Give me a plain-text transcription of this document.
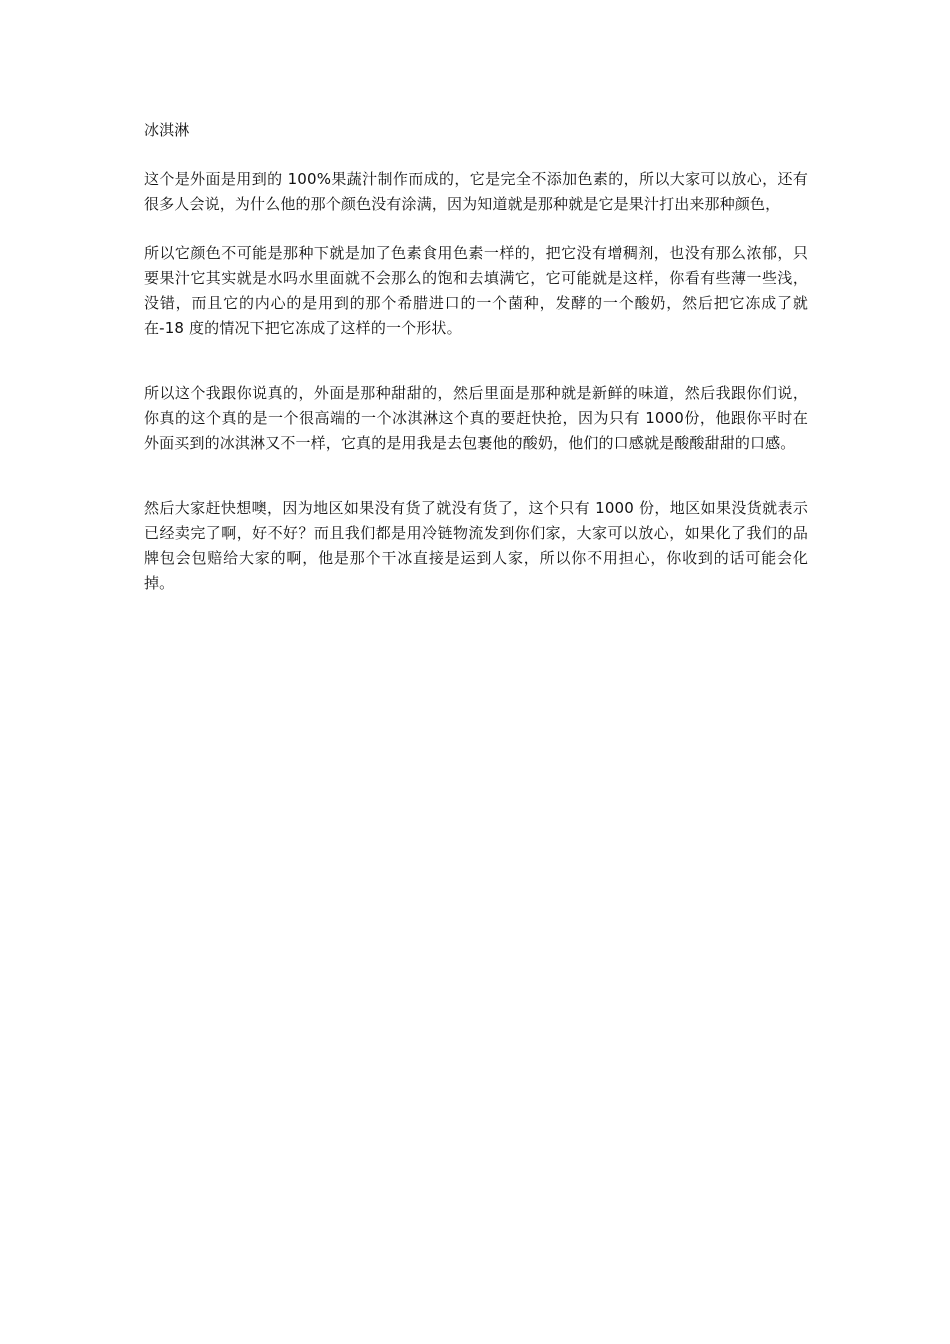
冰淇淋

这个是外面是用到的 100%果蔬汁制作而成的，它是完全不添加色素的，所以大家可以放心，还有很多人会说，为什么他的那个颜色没有涂满，因为知道就是那种就是它是果汁打出来那种颜色，

所以它颜色不可能是那种下就是加了色素食用色素一样的，把它没有增稠剂，也没有那么浓郁，只要果汁它其实就是水吗水里面就不会那么的饱和去填满它，它可能就是这样，你看有些薄一些浅，没错，而且它的内心的是用到的那个希腊进口的一个菌种，发酵的一个酸奶，然后把它冻成了就在-18 度的情况下把它冻成了这样的一个形状。

所以这个我跟你说真的，外面是那种甜甜的，然后里面是那种就是新鲜的味道，然后我跟你们说，你真的这个真的是一个很高端的一个冰淇淋这个真的要赶快抢，因为只有 1000份，他跟你平时在外面买到的冰淇淋又不一样，它真的是用我是去包裹他的酸奶，他们的口感就是酸酸甜甜的口感。

然后大家赶快想噢，因为地区如果没有货了就没有货了，这个只有 1000 份，地区如果没货就表示已经卖完了啊，好不好？而且我们都是用冷链物流发到你们家，大家可以放心，如果化了我们的品牌包会包赔给大家的啊，他是那个干冰直接是运到人家，所以你不用担心，你收到的话可能会化掉。
